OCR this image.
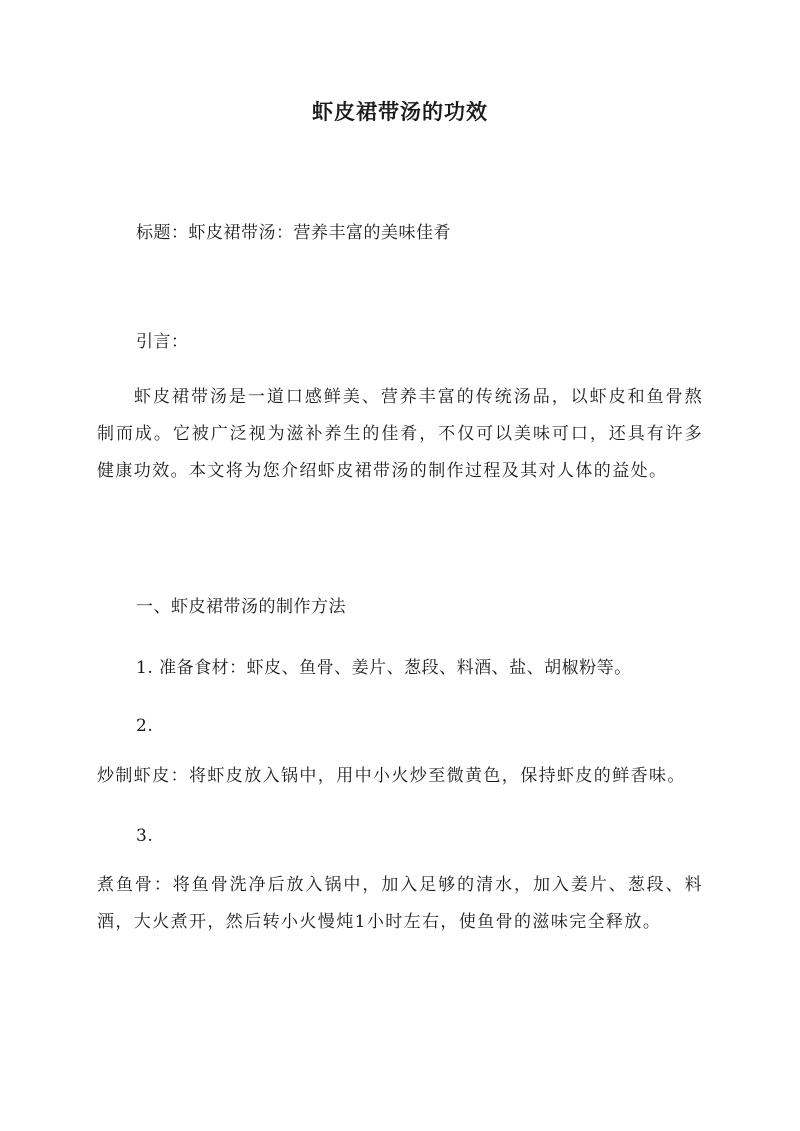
虾皮裙带汤的功效
标题：虾皮裙带汤：营养丰富的美味佳肴
引言：

虾皮裙带汤是一道口感鲜美、营养丰富的传统汤品，以虾皮和鱼骨熬制而成。它被广泛视为滋补养生的佳肴，不仅可以美味可口，还具有许多健康功效。本文将为您介绍虾皮裙带汤的制作过程及其对人体的益处。

一、虾皮裙带汤的制作方法
1. 准备食材：虾皮、鱼骨、姜片、葱段、料酒、盐、胡椒粉等。
2.

炒制虾皮：将虾皮放入锅中，用中小火炒至微黄色，保持虾皮的鲜香味。

3.

煮鱼骨：将鱼骨洗净后放入锅中，加入足够的清水，加入姜片、葱段、料酒，大火煮开，然后转小火慢炖1小时左右，使鱼骨的滋味完全释放。
